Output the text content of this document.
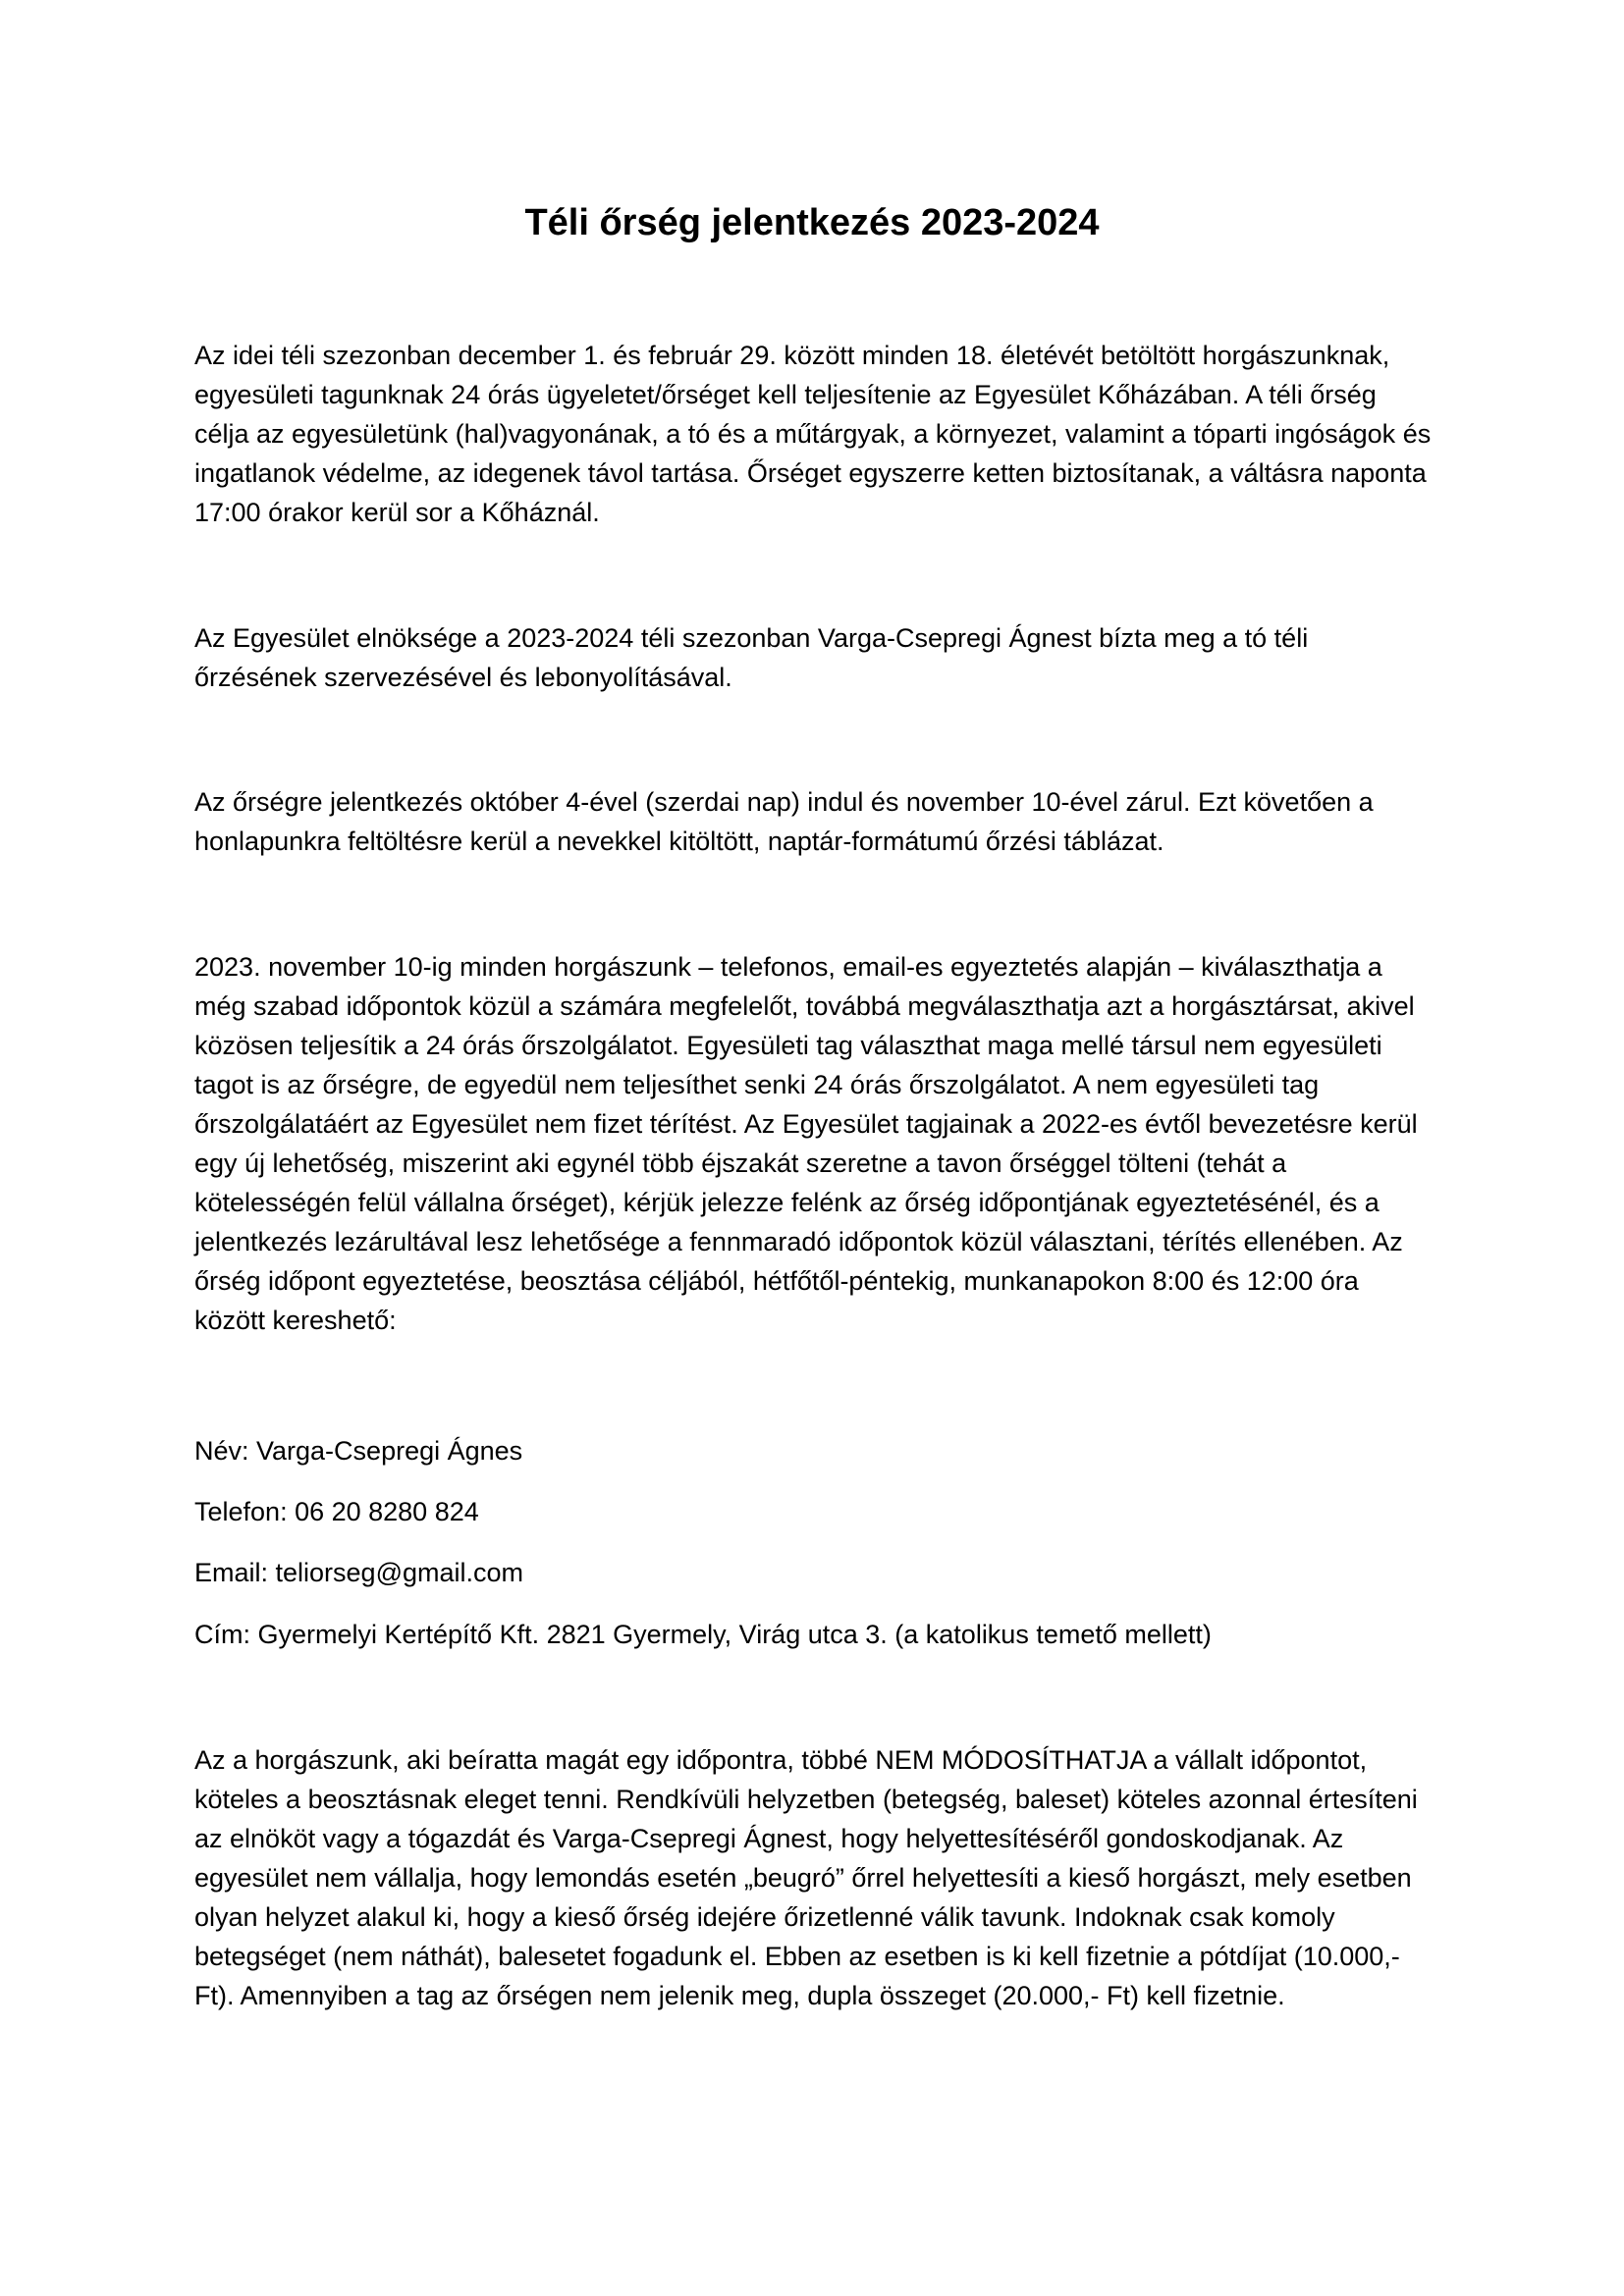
Téli őrség jelentkezés 2023-2024

Az idei téli szezonban december 1. és február 29. között minden 18. életévét betöltött horgászunknak, egyesületi tagunknak 24 órás ügyeletet/őrséget kell teljesítenie az Egyesület Kőházában. A téli őrség célja az egyesületünk (hal)vagyonának, a tó és a műtárgyak, a környezet, valamint a tóparti ingóságok és ingatlanok védelme, az idegenek távol tartása. Őrséget egyszerre ketten biztosítanak, a váltásra naponta 17:00 órakor kerül sor a Kőháznál.

Az Egyesület elnöksége a 2023-2024 téli szezonban Varga-Csepregi Ágnest bízta meg a tó téli őrzésének szervezésével és lebonyolításával.

Az őrségre jelentkezés október 4-ével (szerdai nap) indul és november 10-ével zárul. Ezt követően a honlapunkra feltöltésre kerül a nevekkel kitöltött, naptár-formátumú őrzési táblázat.

2023. november 10-ig minden horgászunk – telefonos, email-es egyeztetés alapján – kiválaszthatja a még szabad időpontok közül a számára megfelelőt, továbbá megválaszthatja azt a horgásztársat, akivel közösen teljesítik a 24 órás őrszolgálatot. Egyesületi tag választhat maga mellé társul nem egyesületi tagot is az őrségre, de egyedül nem teljesíthet senki 24 órás őrszolgálatot. A nem egyesületi tag őrszolgálatáért az Egyesület nem fizet térítést. Az Egyesület tagjainak a 2022-es évtől bevezetésre kerül egy új lehetőség, miszerint aki egynél több éjszakát szeretne a tavon őrséggel tölteni (tehát a kötelességén felül vállalna őrséget), kérjük jelezze felénk az őrség időpontjának egyeztetésénél, és a jelentkezés lezárultával lesz lehetősége a fennmaradó időpontok közül választani, térítés ellenében. Az őrség időpont egyeztetése, beosztása céljából, hétfőtől-péntekig, munkanapokon 8:00 és 12:00 óra között kereshető:

Név: Varga-Csepregi Ágnes

Telefon: 06 20 8280 824

Email: teliorseg@gmail.com

Cím: Gyermelyi Kertépítő Kft. 2821 Gyermely, Virág utca 3. (a katolikus temető mellett)

Az a horgászunk, aki beíratta magát egy időpontra, többé NEM MÓDOSÍTHATJA a vállalt időpontot, köteles a beosztásnak eleget tenni. Rendkívüli helyzetben (betegség, baleset) köteles azonnal értesíteni az elnököt vagy a tógazdát és Varga-Csepregi Ágnest, hogy helyettesítéséről gondoskodjanak. Az egyesület nem vállalja, hogy lemondás esetén „beugró” őrrel helyettesíti a kieső horgászt, mely esetben olyan helyzet alakul ki, hogy a kieső őrség idejére őrizetlenné válik tavunk. Indoknak csak komoly betegséget (nem náthát), balesetet fogadunk el. Ebben az esetben is ki kell fizetnie a pótdíjat (10.000,- Ft). Amennyiben a tag az őrségen nem jelenik meg, dupla összeget (20.000,- Ft) kell fizetnie.
